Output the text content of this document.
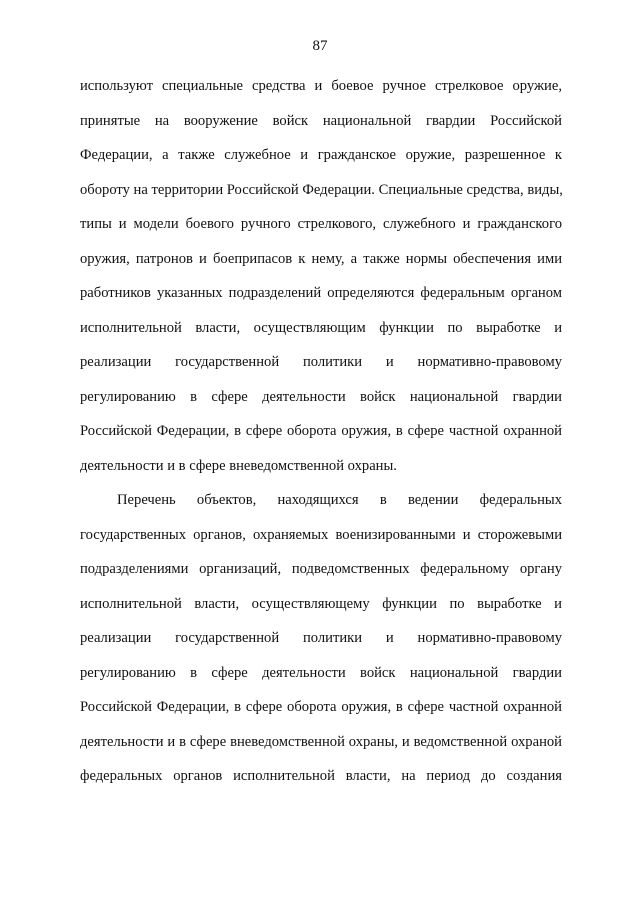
87
используют специальные средства и боевое ручное стрелковое оружие,
принятые на вооружение войск национальной гвардии Российской
Федерации, а также служебное и гражданское оружие, разрешенное к
обороту на территории Российской Федерации. Специальные средства, виды,
типы и модели боевого ручного стрелкового, служебного и гражданского
оружия, патронов и боеприпасов к нему, а также нормы обеспечения ими
работников указанных подразделений определяются федеральным органом
исполнительной власти, осуществляющим функции по выработке и
реализации государственной политики и нормативно-правовому
регулированию в сфере деятельности войск национальной гвардии
Российской Федерации, в сфере оборота оружия, в сфере частной охранной
деятельности и в сфере вневедомственной охраны.
Перечень объектов, находящихся в ведении федеральных
государственных органов, охраняемых военизированными и сторожевыми
подразделениями организаций, подведомственных федеральному органу
исполнительной власти, осуществляющему функции по выработке и
реализации государственной политики и нормативно-правовому
регулированию в сфере деятельности войск национальной гвардии
Российской Федерации, в сфере оборота оружия, в сфере частной охранной
деятельности и в сфере вневедомственной охраны, и ведомственной охраной
федеральных органов исполнительной власти, на период до создания
